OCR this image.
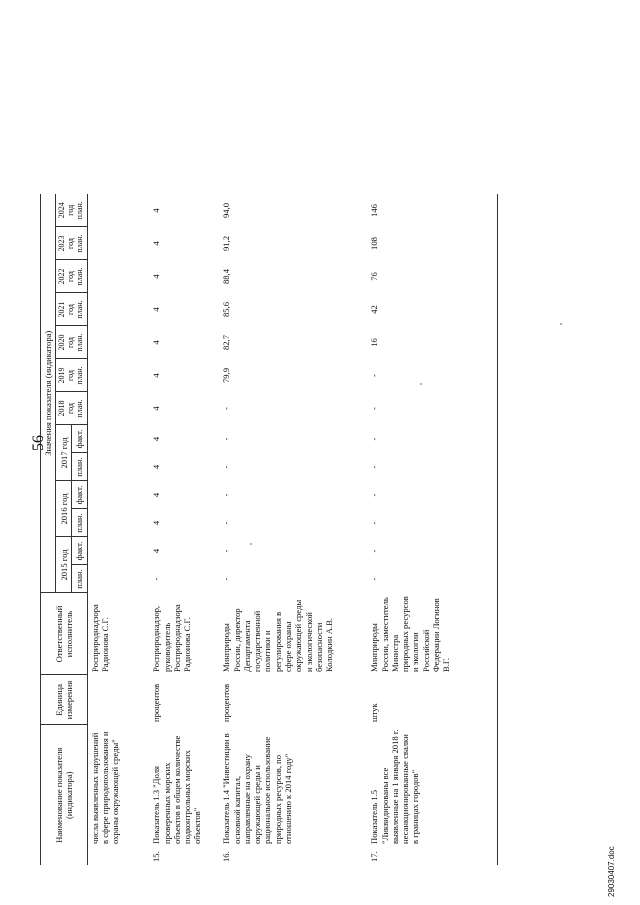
56
Наименование показателя (индикатора)		Единица измерения	Ответственный исполнитель	Значения показателя (индикатора)												
				2015 год		2016 год		2017 год		2018 год план.	2019 год план.	2020 год план.	2021 год план.	2022 год план.	2023 год план.	2024 год план.
				план.	факт.	план.	факт.	план.	факт.							
	числа выявленных нарушений в сфере природопользования и охраны окружающей среды"		Росприроднадзора Радионова С.Г.													
15.	Показатель 1.3 "Доля проверенных морских объектов в общем количестве подконтрольных морских объектов"	процентов	Росприроднадзор, руководитель Росприроднадзора Радионова С.Г.	-	4	4	4	4	4	4	4	4	4	4	4	4
16.	Показатель 1.4 "Инвестиции в основной капитал, направленные на охрану окружающей среды и рациональное использование природных ресурсов, по отношению к 2014 году"	процентов	Минприроды России, директор Департамента государственной политики и регулирования в сфере охраны окружающей среды и экологической безопасности Колодкин А.В.	-	-	-	-	-	-	-	79,9	82,7	85,6	88,4	91,2	94,0
17.	Показатель 1.5 "Ликвидированы все выявленные на 1 января 2018 г. несанкционированные свалки в границах городов"	штук	Минприроды России, заместитель Министра природных ресурсов и экологии Российской Федерации Логинов В.Г.	-	-	-	-	-	-	-	-	16	42	76	108	146
29030407.doc
